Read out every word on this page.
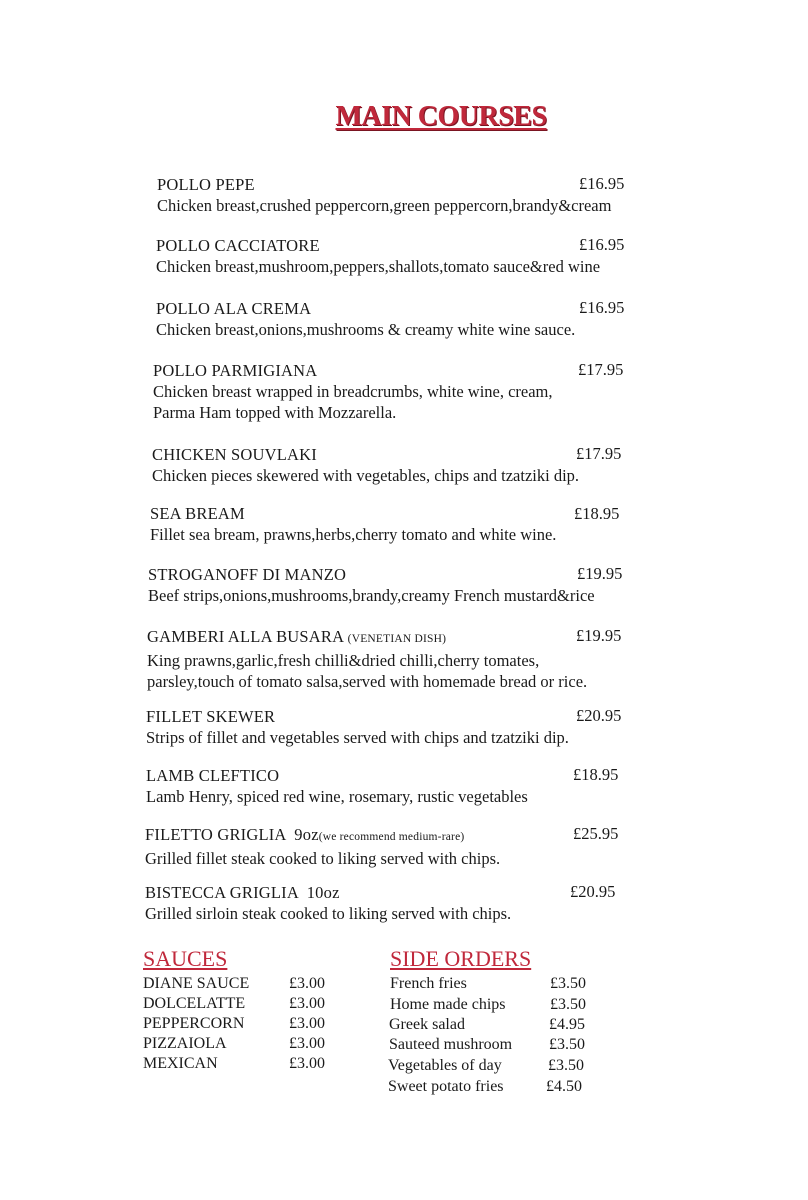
MAIN COURSES
POLLO PEPE
Chicken breast,crushed peppercorn,green peppercorn,brandy&cream
£16.95
POLLO CACCIATORE
Chicken breast,mushroom,peppers,shallots,tomato sauce&red wine
£16.95
POLLO ALA CREMA
Chicken breast,onions,mushrooms & creamy white wine sauce.
£16.95
POLLO PARMIGIANA
Chicken breast wrapped in breadcrumbs, white wine, cream,
Parma Ham topped with Mozzarella.
£17.95
CHICKEN SOUVLAKI
Chicken pieces skewered with vegetables, chips and tzatziki dip.
£17.95
SEA BREAM
Fillet sea bream, prawns,herbs,cherry tomato and white wine.
£18.95
STROGANOFF DI MANZO
Beef strips,onions,mushrooms,brandy,creamy French mustard&rice
£19.95
GAMBERI ALLA BUSARA (VENETIAN DISH)
King prawns,garlic,fresh chilli&dried chilli,cherry tomates,
parsley,touch of tomato salsa,served with homemade bread or rice.
£19.95
FILLET SKEWER
Strips of fillet and vegetables served with chips and tzatziki dip.
£20.95
LAMB CLEFTICO
Lamb Henry, spiced red wine, rosemary, rustic vegetables
£18.95
FILETTO GRIGLIA  9oz(we recommend medium-rare)
Grilled fillet steak cooked to liking served with chips.
£25.95
BISTECCA GRIGLIA  10oz
Grilled sirloin steak cooked to liking served with chips.
£20.95
SAUCES
DIANE SAUCE £3.00
DOLCELATTE	£3.00
PEPPERCORN	£3.00
PIZZAIOLA	£3.00
MEXICAN	£3.00
SIDE ORDERS
French fries	£3.50
Home made chips	£3.50
Greek salad	£4.95
Sauteed mushroom £3.50
Vegetables of day	£3.50
Sweet potato fries	£4.50
